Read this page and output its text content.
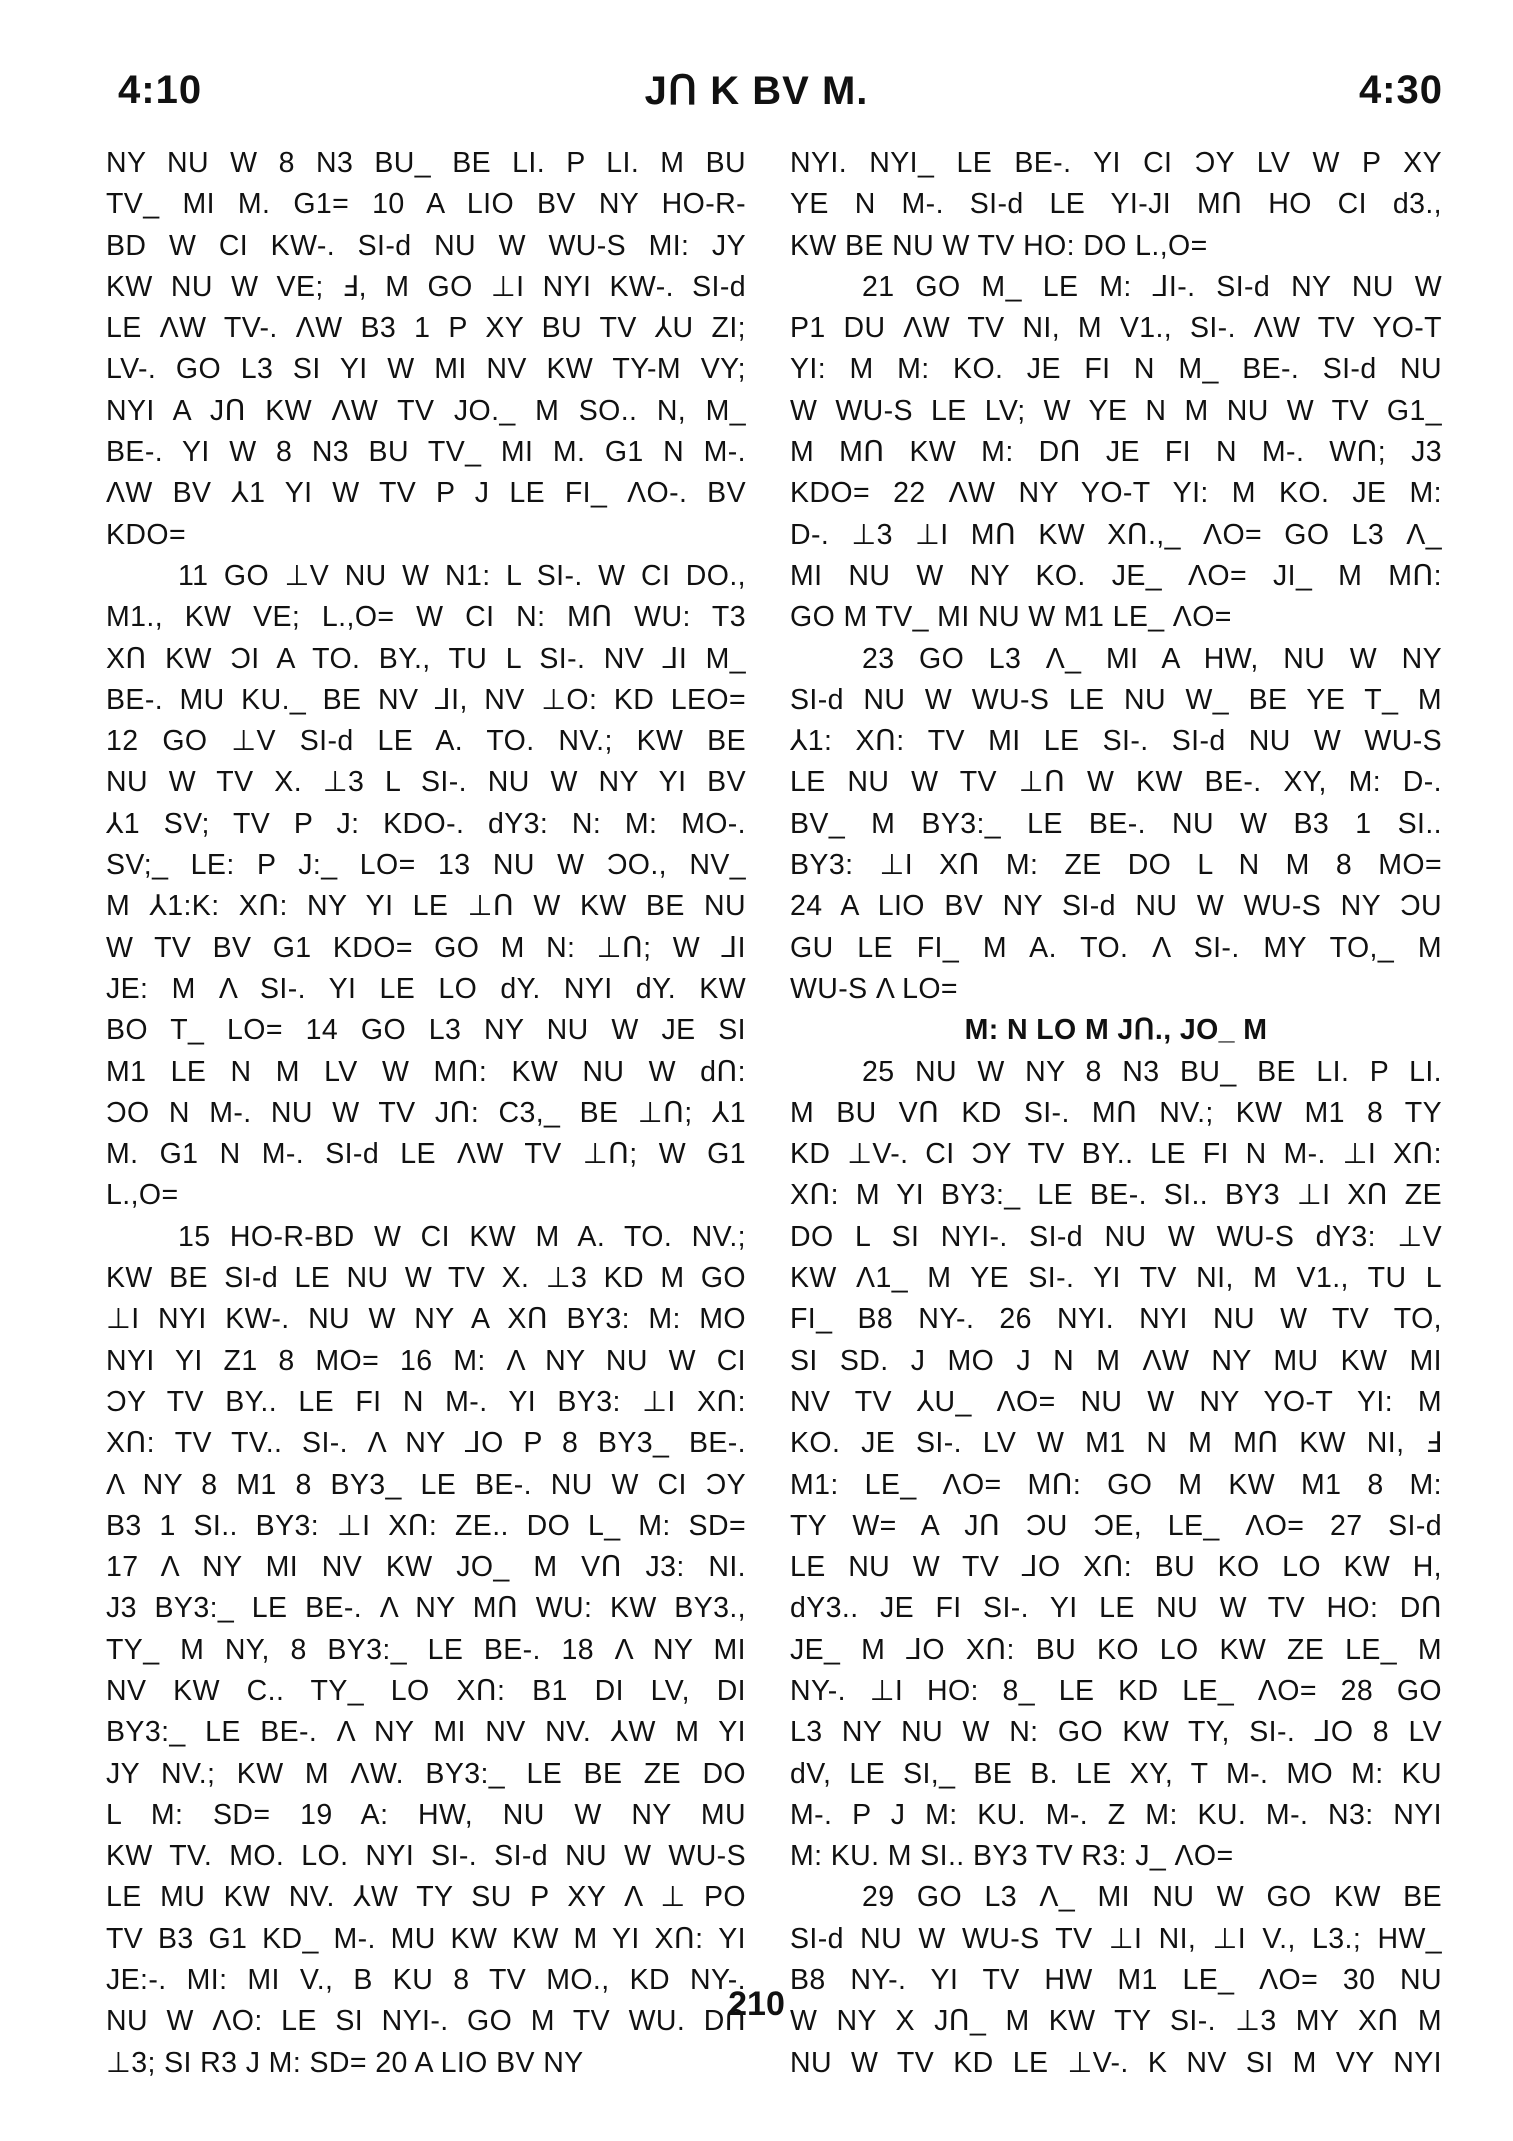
4:10	JՈ K BV M.	4:30
NY NU W 8 N3 BU_ BE LI. P LI. M BU
TV_ MI M. G1= 10 A LIO BV NY HO-R-
BD W CI KW-. SI-d NU W WU-S MI: JY
KW NU W VE; Ⅎ, M GO ⊥I NYI KW-. SI-d
LE ΛW TV-. ΛW B3 1 P XY BU TV ⅄U ZI;
LV-. GO L3 SI YI W MI NV KW TY-M VY;
NYI A JՈ KW ΛW TV JO._ M SO.. N, M_
BE-. YI W 8 N3 BU TV_ MI M. G1 N M-.
ΛW BV ⅄1 YI W TV P J LE FI_ ΛO-. BV
KDO=
11 GO ⊥V NU W N1: L SI-. W CI DO.,
M1., KW VE; L.,O= W CI N: MՈ WU: T3
XՈ KW ƆI A TO. BY., TU L SI-. NV ⅃I M_
BE-. MU KU._ BE NV ⅃I, NV ⊥O: KD LEO=
12 GO ⊥V SI-d LE A. TO. NV.; KW BE
NU W TV X. ⊥3 L SI-. NU W NY YI BV
⅄1 SV; TV P J: KDO-. dY3: N: M: MO-.
SV;_ LE: P J:_ LO= 13 NU W ƆO., NV_
M ⅄1:K: XՈ: NY YI LE ⊥Ո W KW BE NU
W TV BV G1 KDO= GO M N: ⊥Ո; W ⅃I
JE: M Λ SI-. YI LE LO dY. NYI dY. KW
BO T_ LO= 14 GO L3 NY NU W JE SI
M1 LE N M LV W MՈ: KW NU W dՈ:
ƆO N M-. NU W TV JՈ: C3,_ BE ⊥Ո; ⅄1
M. G1 N M-. SI-d LE ΛW TV ⊥Ո; W G1
L.,O=
15 HO-R-BD W CI KW M A. TO. NV.;
KW BE SI-d LE NU W TV X. ⊥3 KD M GO
⊥I NYI KW-. NU W NY A XՈ BY3: M: MO
NYI YI Z1 8 MO= 16 M: Λ NY NU W CI
ƆY TV BY.. LE FI N M-. YI BY3: ⊥I XՈ:
XՈ: TV TV.. SI-. Λ NY ⅃O P 8 BY3_ BE-.
Λ NY 8 M1 8 BY3_ LE BE-. NU W CI ƆY
B3 1 SI.. BY3: ⊥I XՈ: ZE.. DO L_ M: SD=
17 Λ NY MI NV KW JO_ M VՈ J3: NI.
J3 BY3:_ LE BE-. Λ NY MՈ WU: KW BY3.,
TY_ M NY, 8 BY3:_ LE BE-. 18 Λ NY MI
NV KW C.. TY_ LO XՈ: B1 DI LV, DI
BY3:_ LE BE-. Λ NY MI NV NV. ⅄W M YI
JY NV.; KW M ΛW. BY3:_ LE BE ZE DO
L M: SD= 19 A: HW, NU W NY MU
KW TV. MO. LO. NYI SI-. SI-d NU W WU-S
LE MU KW NV. ⅄W TY SU P XY Λ ⊥ PO
TV B3 G1 KD_ M-. MU KW KW M YI XՈ: YI
JE:-. MI: MI V., B KU 8 TV MO., KD NY-.
NU W ΛO: LE SI NYI-. GO M TV WU. DՈ
⊥3; SI R3 J M: SD= 20 A LIO BV NY
NYI. NYI_ LE BE-. YI CI ƆY LV W P XY
YE N M-. SI-d LE YI-JI MՈ HO CI d3.,
KW BE NU W TV HO: DO L.,O=
21 GO M_ LE M: ⅃I-. SI-d NY NU W
P1 DU ΛW TV NI, M V1., SI-. ΛW TV YO-T
YI: M M: KO. JE FI N M_ BE-. SI-d NU
W WU-S LE LV; W YE N M NU W TV G1_
M MՈ KW M: DՈ JE FI N M-. WՈ; J3
KDO= 22 ΛW NY YO-T YI: M KO. JE M:
D-. ⊥3 ⊥I MՈ KW XՈ.,_ ΛO= GO L3 Λ_
MI NU W NY KO. JE_ ΛO= JI_ M MՈ:
GO M TV_ MI NU W M1 LE_ ΛO=
23 GO L3 Λ_ MI A HW, NU W NY
SI-d NU W WU-S LE NU W_ BE YE T_ M
⅄1: XՈ: TV MI LE SI-. SI-d NU W WU-S
LE NU W TV ⊥Ո W KW BE-. XY, M: D-.
BV_ M BY3:_ LE BE-. NU W B3 1 SI..
BY3: ⊥I XՈ M: ZE DO L N M 8 MO=
24 A LIO BV NY SI-d NU W WU-S NY ƆU
GU LE FI_ M A. TO. Λ SI-. MY TO,_ M
WU-S Λ LO=
M: N LO M JՈ., JO_ M
25 NU W NY 8 N3 BU_ BE LI. P LI.
M BU VՈ KD SI-. MՈ NV.; KW M1 8 TY
KD ⊥V-. CI ƆY TV BY.. LE FI N M-. ⊥I XՈ:
XՈ: M YI BY3:_ LE BE-. SI.. BY3 ⊥I XՈ ZE
DO L SI NYI-. SI-d NU W WU-S dY3: ⊥V
KW Λ1_ M YE SI-. YI TV NI, M V1., TU L
FI_ B8 NY-. 26 NYI. NYI NU W TV TO,
SI SD. J MO J N M ΛW NY MU KW MI
NV TV ⅄U_ ΛO= NU W NY YO-T YI: M
KO. JE SI-. LV W M1 N M MՈ KW NI, Ⅎ
M1: LE_ ΛO= MՈ: GO M KW M1 8 M:
TY W= A JՈ ƆU ƆE, LE_ ΛO= 27 SI-d
LE NU W TV ⅃O XՈ: BU KO LO KW H,
dY3.. JE FI SI-. YI LE NU W TV HO: DՈ
JE_ M ⅃O XՈ: BU KO LO KW ZE LE_ M
NY-. ⊥I HO: 8_ LE KD LE_ ΛO= 28 GO
L3 NY NU W N: GO KW TY, SI-. ⅃O 8 LV
dV, LE SI,_ BE B. LE XY, T M-. MO M: KU
M-. P J M: KU. M-. Z M: KU. M-. N3: NYI
M: KU. M SI.. BY3 TV R3: J_ ΛO=
29 GO L3 Λ_ MI NU W GO KW BE
SI-d NU W WU-S TV ⊥I NI, ⊥I V., L3.; HW_
B8 NY-. YI TV HW M1 LE_ ΛO= 30 NU
W NY X JՈ_ M KW TY SI-. ⊥3 MY XՈ M
NU W TV KD LE ⊥V-. K NV SI M VY NYI
210
